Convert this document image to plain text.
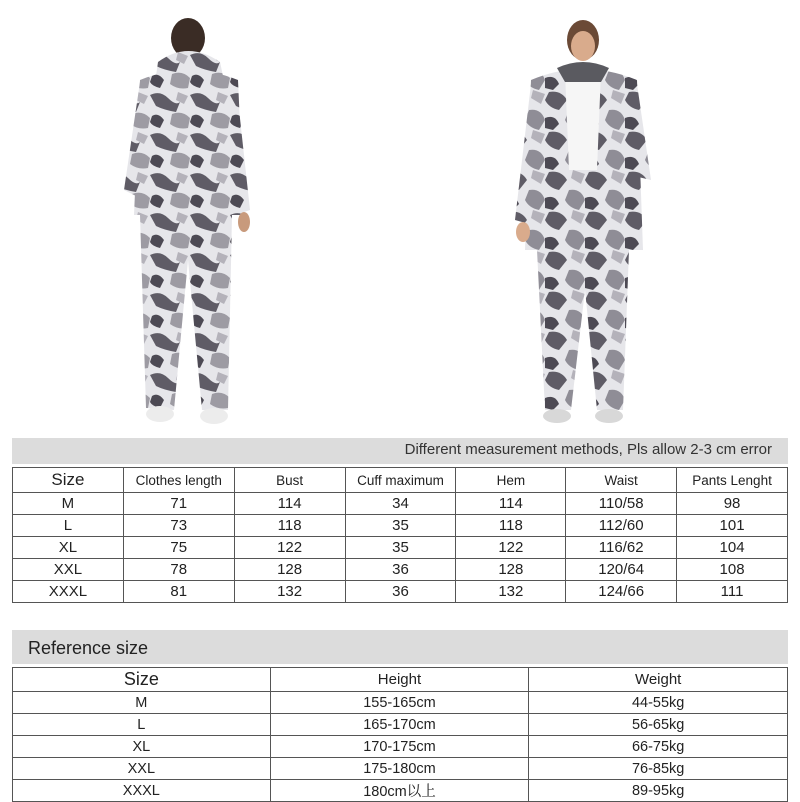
Different measurement methods, Pls allow 2-3 cm error
Size	Clothes length	Bust	Cuff maximum	Hem	Waist	Pants Lenght
M	71	114	34	114	110/58	98
L	73	118	35	118	112/60	101
XL	75	122	35	122	116/62	104
XXL	78	128	36	128	120/64	108
XXXL	81	132	36	132	124/66	111
Reference size
Size	Height	Weight
M	155-165cm	44-55kg
L	165-170cm	56-65kg
XL	170-175cm	66-75kg
XXL	175-180cm	76-85kg
XXXL	180cm以上	89-95kg
